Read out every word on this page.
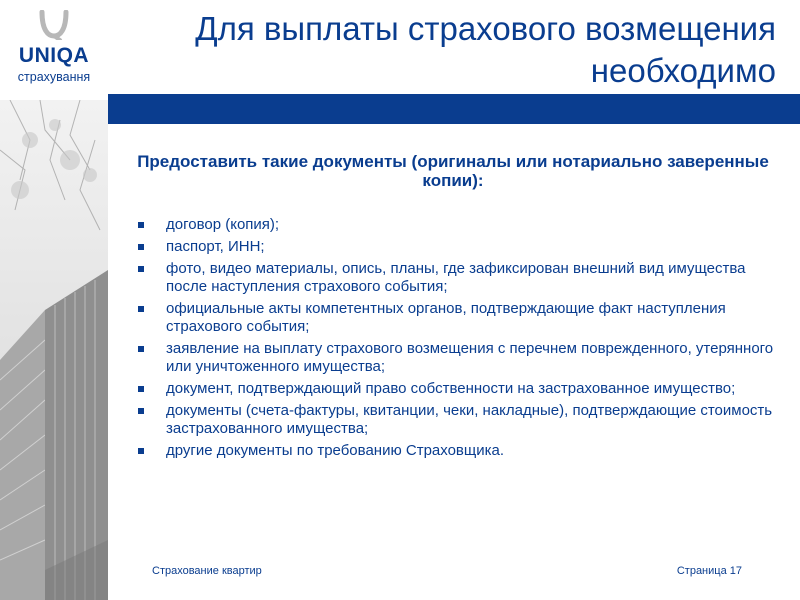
UNIQA
страхування
Для выплаты страхового возмещения необходимо

Предоставить такие документы (оригиналы или нотариально заверенные копии):

договор (копия);
паспорт, ИНН;
фото, видео материалы, опись, планы, где зафиксирован внешний вид имущества после наступления страхового события;
официальные акты компетентных органов, подтверждающие факт наступления страхового события;
заявление на выплату страхового возмещения с перечнем поврежденного, утерянного или уничтоженного имущества;
документ, подтверждающий право собственности на застрахованное имущество;
документы (счета-фактуры, квитанции, чеки, накладные), подтверждающие стоимость застрахованного имущества;
другие документы по требованию Страховщика.
Страхование квартир	Страница 17
